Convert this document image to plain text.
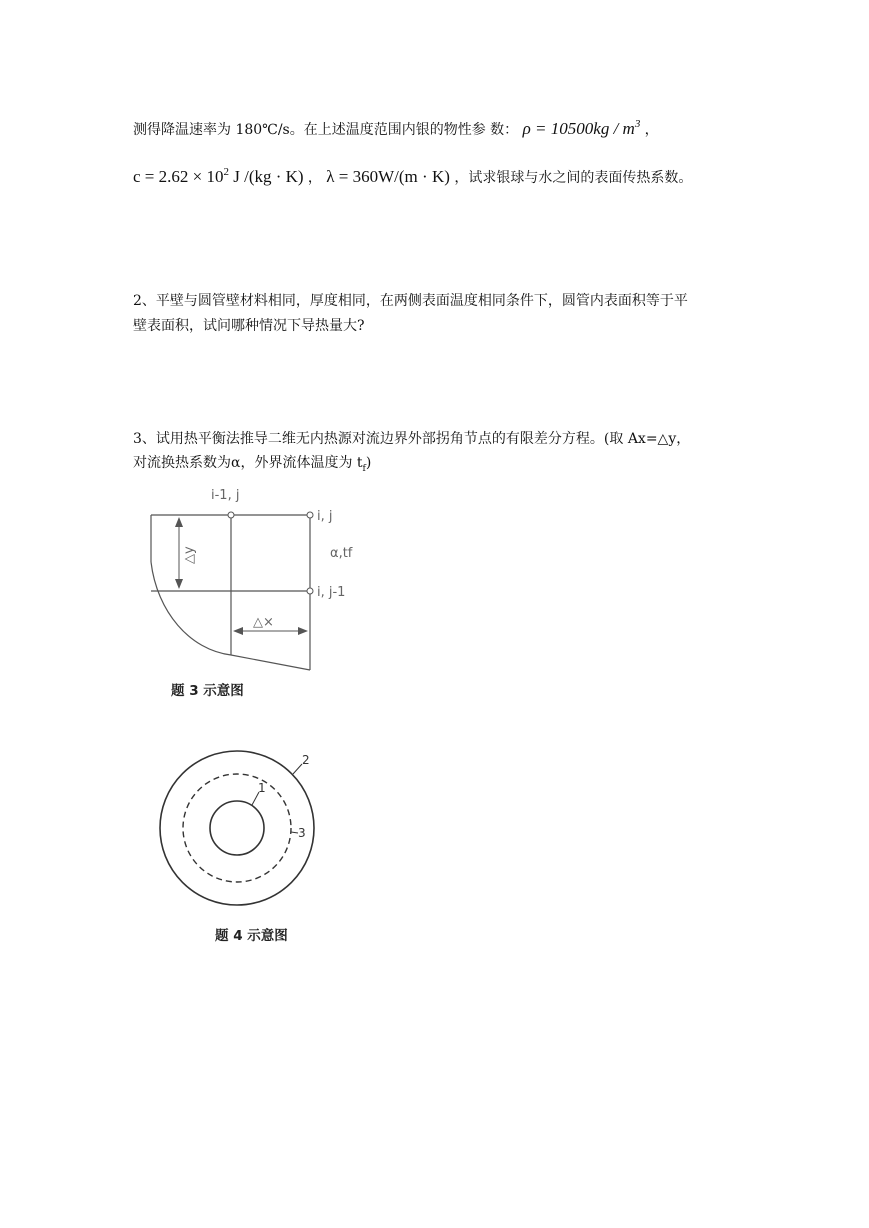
测得降温速率为 180℃/s。在上述温度范围内银的物性参 数： $\rho = 10500kg / m^3$ ，
$c = 2.62 \times 10^2$ J /(kg · K) ， λ = 360W/(m · K) ，试求银球与水之间的表面传热系数。
2、平壁与圆管壁材料相同，厚度相同，在两侧表面温度相同条件下，圆管内表面积等于平
壁表面积，试问哪种情况下导热量大?
3、试用热平衡法推导二维无内热源对流边界外部拐角节点的有限差分方程。(取 Ax=△y，
对流换热系数为α，外界流体温度为 $t_f$)
△y
△×
i-1, j
i, j
α,tf
i, j-1
题 3 示意图
1
2
3
题 4 示意图
